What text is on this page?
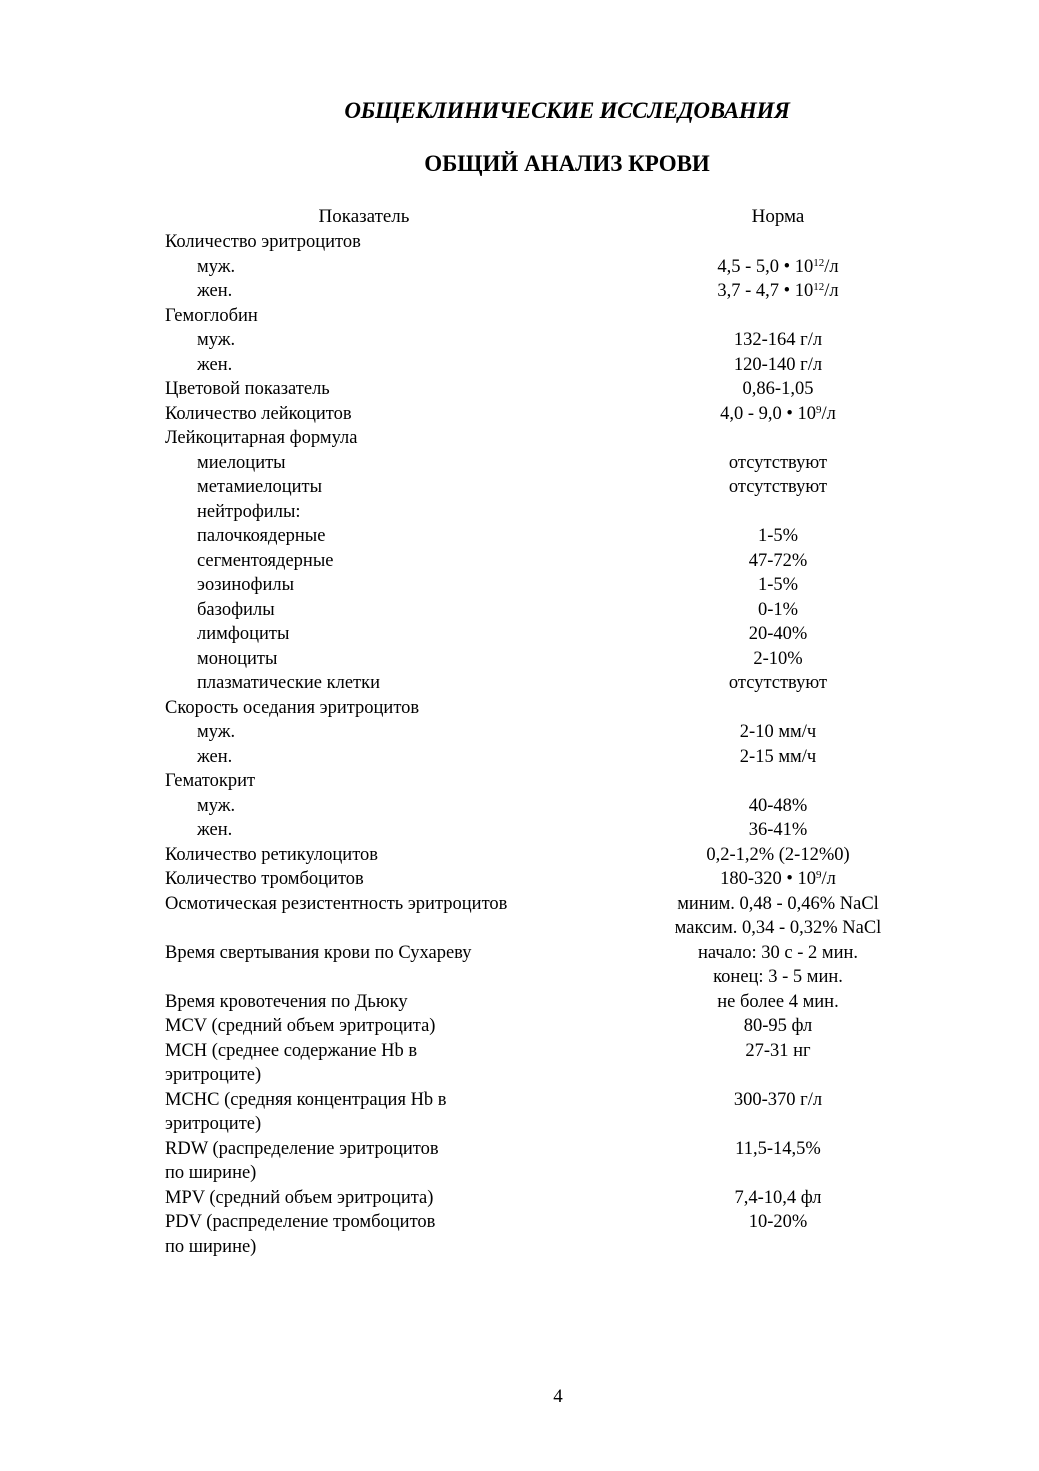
ОБЩЕКЛИНИЧЕСКИЕ ИССЛЕДОВАНИЯ
ОБЩИЙ АНАЛИЗ КРОВИ
Показатель	Норма
Количество эритроцитов
муж.	4,5 - 5,0 • $10^{12}/л$
жен.	3,7 - 4,7 • $10^{12}/л$
Гемоглобин
муж.	132-164 г/л
жен.	120-140 г/л
Цветовой показатель	0,86-1,05
Количество лейкоцитов	4,0 - 9,0 • $10^9/л$
Лейкоцитарная формула
миелоциты	отсутствуют
метамиелоциты	отсутствуют
нейтрофилы:
палочкоядерные	1-5%
сегментоядерные	47-72%
эозинофилы	1-5%
базофилы	0-1%
лимфоциты	20-40%
моноциты	2-10%
плазматические клетки	отсутствуют
Скорость оседания эритроцитов
муж.	2-10 мм/ч
жен.	2-15 мм/ч
Гематокрит
муж.	40-48%
жен.	36-41%
Количество ретикулоцитов	0,2-1,2% (2-12%0)
Количество тромбоцитов	180-320 • $10^9/л$
Осмотическая резистентность эритроцитов	миним. 0,48 - 0,46% NaCl
максим. 0,34 - 0,32% NaCl
Время свертывания крови по Сухареву	начало: 30 с - 2 мин.
конец: 3 - 5 мин.
Время кровотечения по Дьюку	не более 4 мин.
MCV (средний объем эритроцита)	80-95 фл
MCH (среднее содержание Hb в	27-31 нг
эритроците)
MCHC (средняя концентрация Hb в	300-370 г/л
эритроците)
RDW (распределение эритроцитов	11,5-14,5%
по ширине)
MPV (средний объем эритроцита)	7,4-10,4 фл
PDV (распределение тромбоцитов	10-20%
по ширине)
4
